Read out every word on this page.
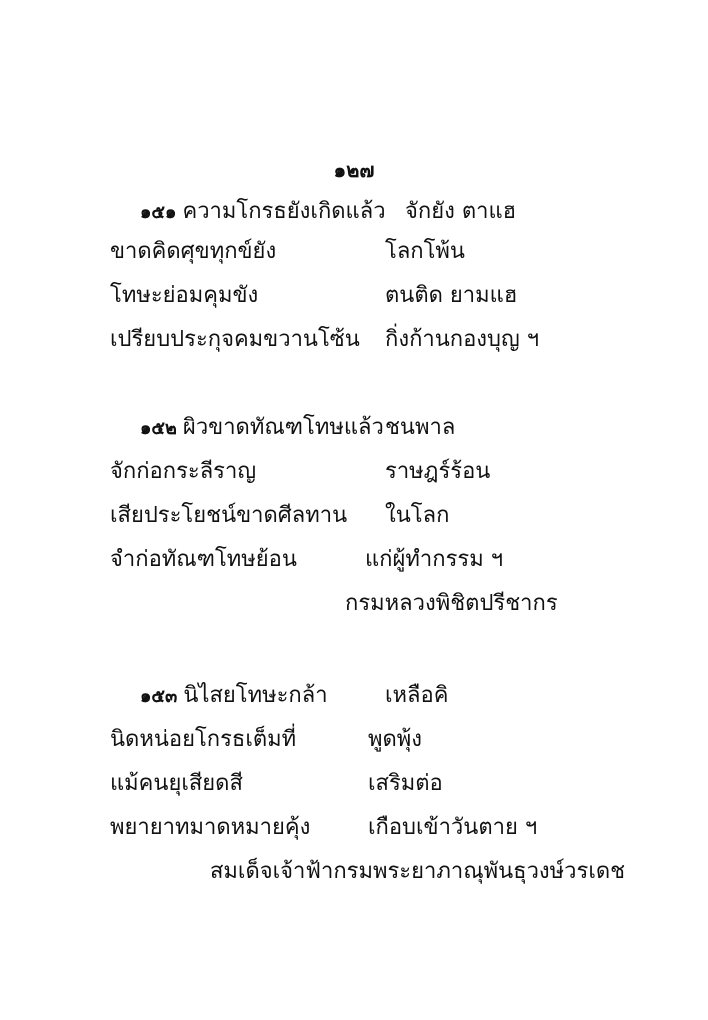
๑๒๗
๑๕๑ ความโกรธยังเกิดแล้ว จักยัง ตาแฮ
ขาดคิดศุขทุกข์ยัง	โลกโพ้น
โทษะย่อมคุมขัง	ตนติด ยามแฮ
เปรียบประกุจคมขวานโซ้น กิ่งก้านกองบุญ ฯ
๑๕๒ ผิวขาดทัณฑโทษแล้ว ชนพาล
จักก่อกระลีราญ	ราษฎร์ร้อน
เสียประโยชน์ขาดศีลทาน ในโลก
จำก่อทัณฑโทษย้อน	แก่ผู้ทำกรรม ฯ
กรมหลวงพิชิตปรีชากร
๑๕๓ นิไสยโทษะกล้า	เหลือคิ
นิดหน่อยโกรธเต็มที่	พูดพุ้ง
แม้คนยุเสียดสี	เสริมต่อ
พยายาทมาดหมายคุ้ง	เกือบเข้าวันตาย ฯ
สมเด็จเจ้าฟ้ากรมพระยาภาณุพันธุวงษ์วรเดช
